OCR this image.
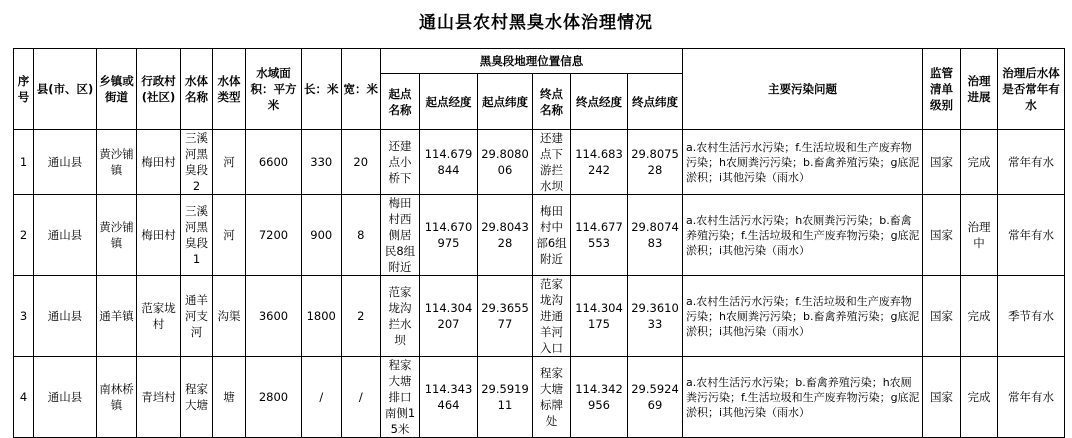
通山县农村黑臭水体治理情况
序号	县(市、区)	乡镇或街道	行政村(社区)	水体名称	水体类型	水域面积：平方米	长：米	宽：米	黑臭段地理位置信息						主要污染问题	监管清单级别	治理进展	治理后水体是否常年有水
									起点名称	起点经度	起点纬度	终点名称	终点经度	终点纬度				
1	通山县	黄沙铺镇	梅田村	三溪河黑臭段2	河	6600	330	20	还建点小桥下	114.679844	29.808006	还建点下游拦水坝	114.683242	29.807528	a.农村生活污水污染；f.生活垃圾和生产废弃物污染；h农厕粪污污染；b.畜禽养殖污染；g底泥淤积；i其他污染（雨水）	国家	完成	常年有水
2	通山县	黄沙铺镇	梅田村	三溪河黑臭段1	河	7200	900	8	梅田村西侧居民8组附近	114.670975	29.804328	梅田村中部6组附近	114.677553	29.807483	a.农村生活污水污染；h农厕粪污污染；b.畜禽养殖污染；f.生活垃圾和生产废弃物污染；g底泥淤积；i其他污染（雨水）	国家	治理中	常年有水
3	通山县	通羊镇	范家垅村	通羊河支河	沟渠	3600	1800	2	范家垅沟拦水坝	114.304207	29.365577	范家垅沟进通羊河入口	114.304175	29.361033	a.农村生活污水污染；f.生活垃圾和生产废弃物污染；h农厕粪污污染；b.畜禽养殖污染；g底泥淤积；i其他污染（雨水）	国家	完成	季节有水
4	通山县	南林桥镇	青垱村	程家大塘	塘	2800	/	/	程家大塘排口南侧15米	114.343464	29.591911	程家大塘标牌处	114.342956	29.592469	a.农村生活污水污染；b.畜禽养殖污染；h农厕粪污污染；f.生活垃圾和生产废弃物污染；g底泥淤积；i其他污染（雨水）	国家	完成	常年有水
